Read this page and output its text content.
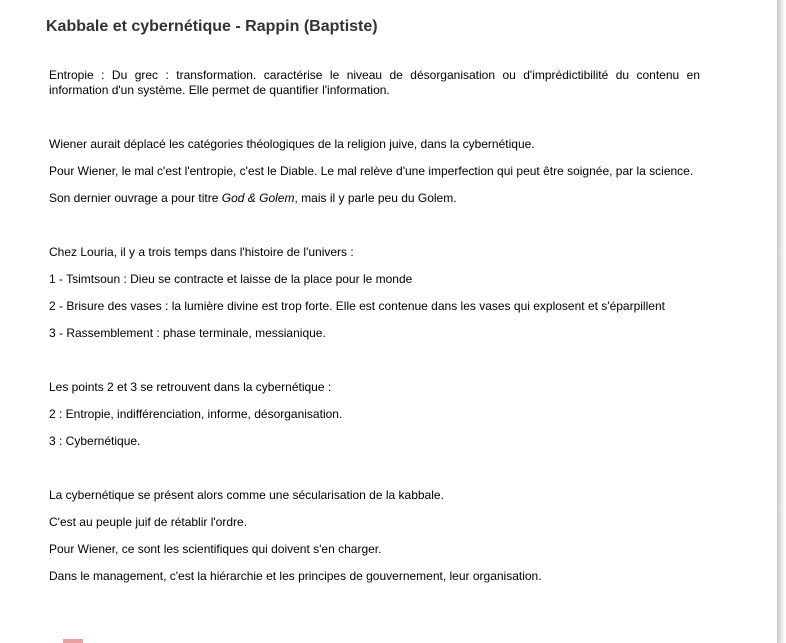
Kabbale et cybernétique - Rappin (Baptiste)

Entropie : Du grec : transformation. caractérise le niveau de désorganisation ou d'imprédictibilité du contenu en information d'un système. Elle permet de quantifier l'information.

Wiener aurait déplacé les catégories théologiques de la religion juive, dans la cybernétique.

Pour Wiener, le mal c'est l'entropie, c'est le Diable. Le mal relève d'une imperfection qui peut être soignée, par la science.

Son dernier ouvrage a pour titre God & Golem, mais il y parle peu du Golem.

Chez Louria, il y a trois temps dans l'histoire de l'univers :

1 - Tsimtsoun : Dieu se contracte et laisse de la place pour le monde

2 - Brisure des vases : la lumière divine est trop forte. Elle est contenue dans les vases qui explosent et s'éparpillent

3 - Rassemblement : phase terminale, messianique.

Les points 2 et 3 se retrouvent dans la cybernétique :

2 : Entropie, indifférenciation, informe, désorganisation.

3 : Cybernétique.

La cybernétique se présent alors comme une sécularisation de la kabbale.

C'est au peuple juif de rétablir l'ordre.

Pour Wiener, ce sont les scientifiques qui doivent s'en charger.

Dans le management, c'est la hiérarchie et les principes de gouvernement, leur organisation.
